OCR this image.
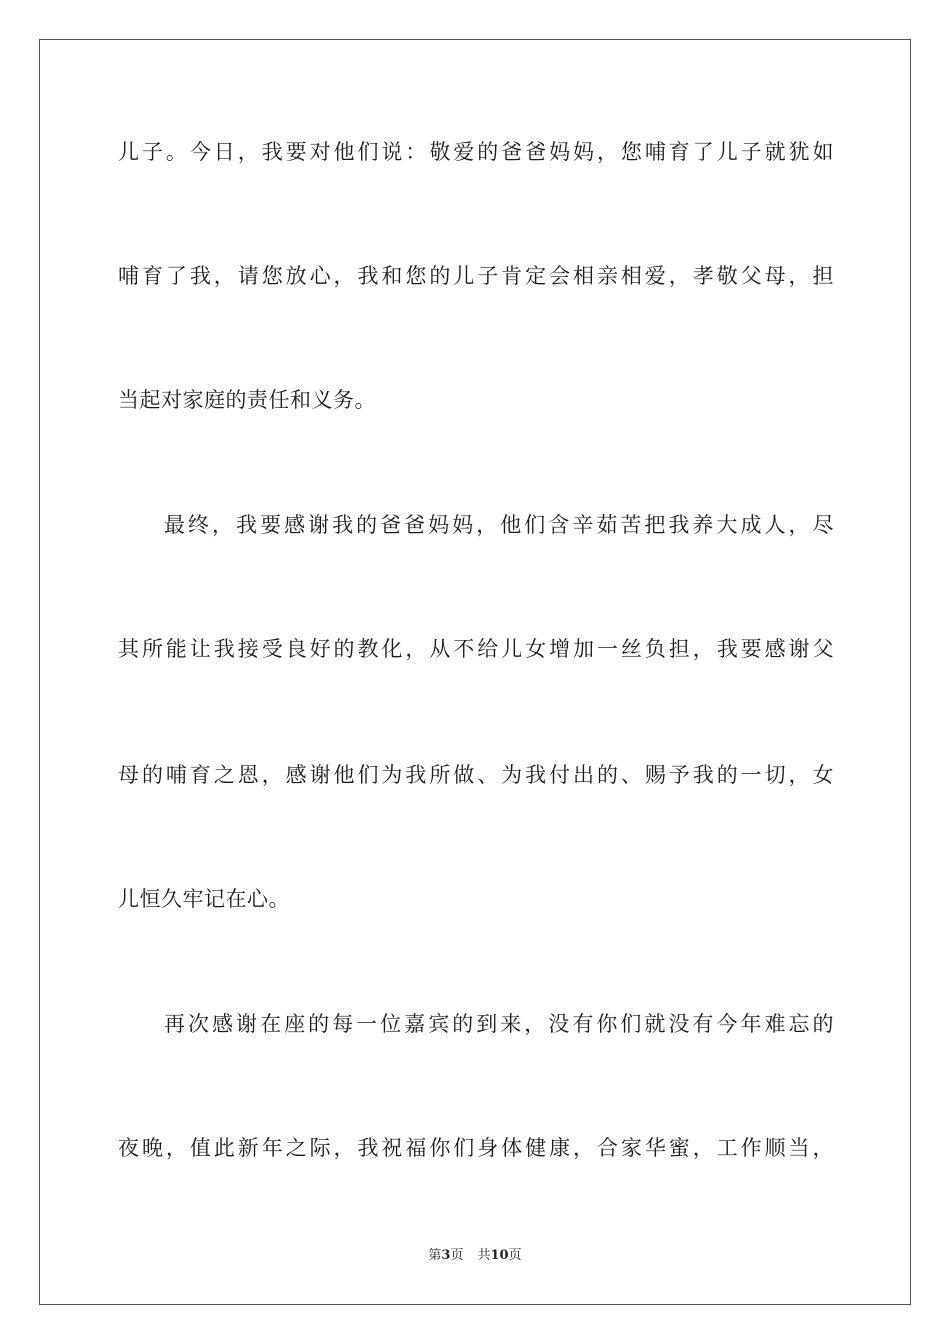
儿子。今日，我要对他们说：敬爱的爸爸妈妈，您哺育了儿子就犹如
哺育了我，请您放心，我和您的儿子肯定会相亲相爱，孝敬父母，担
当起对家庭的责任和义务。
最终，我要感谢我的爸爸妈妈，他们含辛茹苦把我养大成人，尽
其所能让我接受良好的教化，从不给儿女增加一丝负担，我要感谢父
母的哺育之恩，感谢他们为我所做、为我付出的、赐予我的一切，女
儿恒久牢记在心。
再次感谢在座的每一位嘉宾的到来，没有你们就没有今年难忘的
夜晚，值此新年之际，我祝福你们身体健康，合家华蜜，工作顺当，
第3页 共10页
